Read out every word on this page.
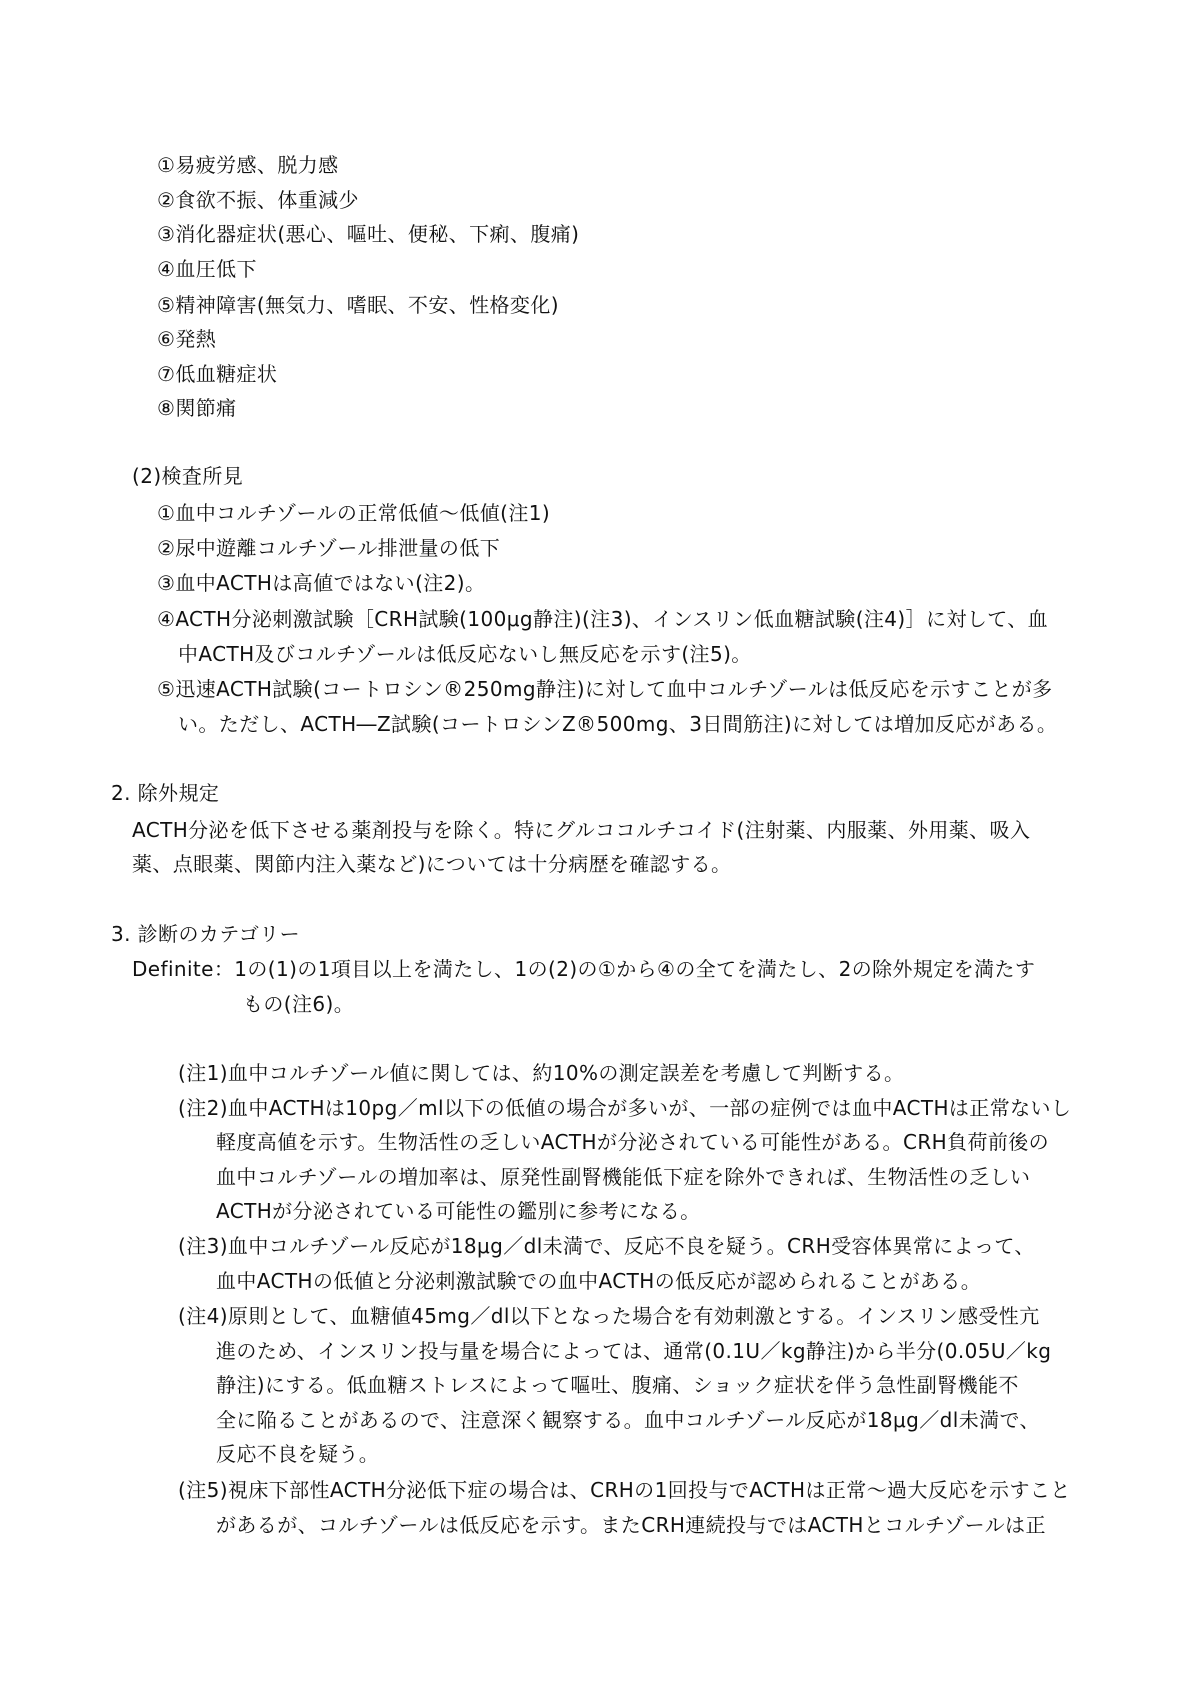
①易疲労感、脱力感
②食欲不振、体重減少
③消化器症状(悪心、嘔吐、便秘、下痢、腹痛)
④血圧低下
⑤精神障害(無気力、嗜眠、不安、性格変化)
⑥発熱
⑦低血糖症状
⑧関節痛
(2)検査所見
①血中コルチゾールの正常低値～低値(注1)
②尿中遊離コルチゾール排泄量の低下
③血中ACTHは高値ではない(注2)。
④ACTH分泌刺激試験［CRH試験(100μg静注)(注3)、インスリン低血糖試験(注4)］に対して、血
中ACTH及びコルチゾールは低反応ないし無反応を示す(注5)。
⑤迅速ACTH試験(コートロシン®250mg静注)に対して血中コルチゾールは低反応を示すことが多
い。ただし、ACTH―Z試験(コートロシンZ®500mg、3日間筋注)に対しては増加反応がある。
2. 除外規定
ACTH分泌を低下させる薬剤投与を除く。特にグルココルチコイド(注射薬、内服薬、外用薬、吸入
薬、点眼薬、関節内注入薬など)については十分病歴を確認する。
3. 診断のカテゴリー
Definite：1の(1)の1項目以上を満たし、1の(2)の①から④の全てを満たし、2の除外規定を満たす
もの(注6)。
(注1)血中コルチゾール値に関しては、約10%の測定誤差を考慮して判断する。
(注2)血中ACTHは10pg／ml以下の低値の場合が多いが、一部の症例では血中ACTHは正常ないし
軽度高値を示す。生物活性の乏しいACTHが分泌されている可能性がある。CRH負荷前後の
血中コルチゾールの増加率は、原発性副腎機能低下症を除外できれば、生物活性の乏しい
ACTHが分泌されている可能性の鑑別に参考になる。
(注3)血中コルチゾール反応が18μg／dl未満で、反応不良を疑う。CRH受容体異常によって、
血中ACTHの低値と分泌刺激試験での血中ACTHの低反応が認められることがある。
(注4)原則として、血糖値45mg／dl以下となった場合を有効刺激とする。インスリン感受性亢
進のため、インスリン投与量を場合によっては、通常(0.1U／kg静注)から半分(0.05U／kg
静注)にする。低血糖ストレスによって嘔吐、腹痛、ショック症状を伴う急性副腎機能不
全に陥ることがあるので、注意深く観察する。血中コルチゾール反応が18μg／dl未満で、
反応不良を疑う。
(注5)視床下部性ACTH分泌低下症の場合は、CRHの1回投与でACTHは正常～過大反応を示すこと
があるが、コルチゾールは低反応を示す。またCRH連続投与ではACTHとコルチゾールは正
